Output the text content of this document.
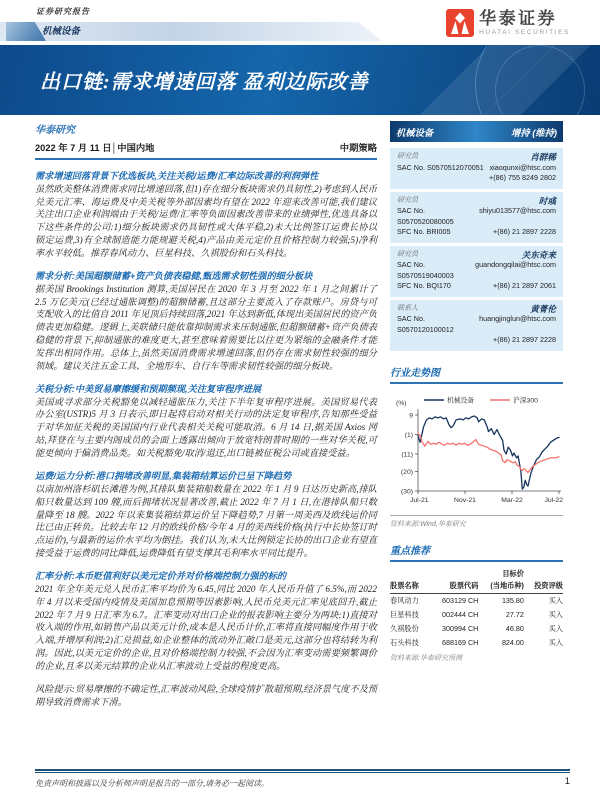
证券研究报告
机械设备
华泰证券
HUATAI SECURITIES
出口链:需求增速回落 盈利边际改善
华泰研究
2022 年 7 月 11 日│中国内地	中期策略
需求增速回落背景下优选板块,关注关税/运费/汇率边际改善的利润弹性
虽然欧美整体消费需求同比增速回落,但1)存在细分板块需求仍具韧性,2)考虑到人民币兑美元汇率、海运费及中美关税等外部因素均有望在 2022 年迎来改善可能,我们建议关注出口企业利润端由于关税/运费/汇率等负面因素改善带来的业绩弹性,优选具备以下这些条件的公司:1)细分板块需求仍具韧性或大体平稳,2)未大比例签订运费长协以锁定运费,3)有全球制造能力能规避关税,4)产品由美元定价且价格控制力较强;5)净利率水平较低。推荐春风动力、巨星科技、久祺股份和石头科技。
需求分析:美国超额储蓄+资产负债表稳健,甄选需求韧性强的细分板块
据美国 Brookings Institution 测算,美国居民在 2020 年 3 月至 2022 年 1 月之间累计了 2.5 万亿美元(已经过通胀调整)的超额储蓄,且这部分主要流入了存款账户。房贷与可支配收入的比值自 2011 年见顶后持续回落,2021 年达到新低,体现出美国居民的资产负债表更加稳健。逻辑上,美联储只能依靠抑制需求来压制通胀,但超额储蓄+资产负债表稳健的背景下,抑制通胀的难度更大,甚至意味着需要比以往更为紧缩的金融条件才能发挥出相同作用。总体上,虽然美国消费需求增速回落,但仍存在需求韧性较强的细分领域。建议关注五金工具、全地形车、自行车等需求韧性较强的细分板块。
关税分析:中美贸易摩擦缓和预期频现,关注复审程序进展
美国或寻求部分关税豁免以减轻通胀压力,关注下半年复审程序进展。美国贸易代表办公室(USTR)5 月 3 日表示,即日起将启动对相关行动的法定复审程序,告知那些受益于对华加征关税的美国国内行业代表相关关税可能取消。6 月 14 日,据美国 Axios 网站,拜登在与主要内阁成员的会面上透露出倾向于放宽特朗普时期的一些对华关税,可能更倾向于偏消费品类。如关税豁免/取消/退还,出口链被征税公司或直接受益。
运费/运力分析:港口拥堵改善明显,集装箱结算运价已呈下降趋势
以南加州洛杉矶长滩港为例,其排队集装箱船数量在 2022 年 1 月 9 日达历史新高,排队船只数量达到 109 艘,而后拥堵状况显著改善,截止 2022 年 7 月 1 日,在港排队船只数量降至 18 艘。2022 年以来集装箱结算运价呈下降趋势,7 月第一周美西及欧线运价同比已由正转负。比较去年 12 月的欧线价格/今年 4 月的美西线价格(执行中长协签订时点运价),与最新的运价水平均为倒挂。我们认为,未大比例锁定长协的出口企业有望直接受益于运费的同比降低,运费降低有望支撑其毛利率水平同比提升。
汇率分析:本币贬值利好以美元定价并对价格端控制力强的标的
2021 年全年美元兑人民币汇率平均价为 6.45,同比 2020 年人民币升值了 6.5%,而 2022 年 4 月以来受国内疫情及美国加息预期等因素影响,人民币兑美元汇率见底回升,截止 2022 年 7 月 9 日汇率为 6.7。汇率变动对出口企业的报表影响主要分为两块:1)直接对收入端的作用,如销售产品以美元计价,成本是人民币计价,汇率将直接同幅度作用于收入端,并增厚利润;2)汇兑损益,如企业整体的流动外汇敞口是美元,这部分也将结转为利润。因此,以美元定价的企业,且对价格端控制力较强,不会因为汇率变动需要频繁调价的企业,且多以美元结算的企业从汇率波动上受益的程度更高。
风险提示:贸易摩擦的不确定性,汇率波动风险,全球疫情扩散超预期,经济景气度不及预期导致消费需求下滑。
机械设备	增持 (维持)
研究员	肖群稀
SAC No. S0570512070051 xiaoqunxi@htsc.com
+(86) 755 8249 2802
研究员	时彧
SAC No. S0570520080005
shiyu013577@htsc.com
SFC No. BRI005	+(86) 21 2897 2228
研究员	关东奇来
SAC No. S0570519040003
guandongqilai@htsc.com
SFC No. BQI170	+(86) 21 2897 2061
联系人	黄菁伦
SAC No. S0570120100012
huangjinglun@htsc.com
+(86) 21 2897 2228
行业走势图
9
(1)
(11)
(20)
(30)
(%)
Jul-21	Nov-21	Mar-22	Jul-22
机械设备	沪深300
资料来源:Wind,华泰研究
重点推荐
		目标价	
股票名称	股票代码	(当地币种)	投资评级
春风动力	603129 CH	135.80	买入
巨星科技	002444 CH	27.72	买入
久祺股份	300994 CH	46.80	买入
石头科技	688169 CH	824.00	买入
资料来源:华泰研究预测
免责声明和披露以及分析师声明是报告的一部分,请务必一起阅读。	1
